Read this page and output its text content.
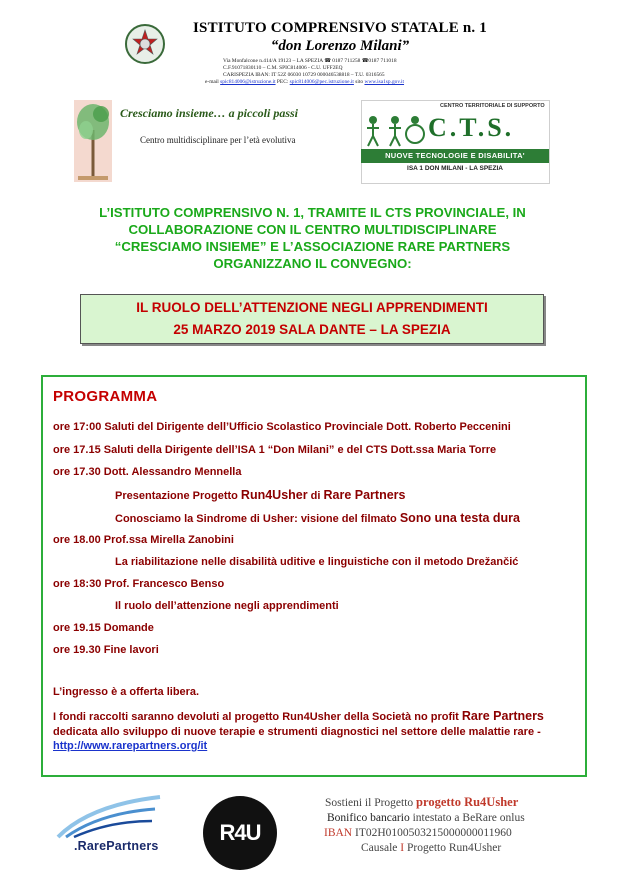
ISTITUTO COMPRENSIVO STATALE n. 1
“don Lorenzo Milani”
Via Monfalcone n.414/A 19123 – LA SPEZIA ☎ 0187 711258 ☎0187 711018
C.F.91071830110 – C.M. SPIC814006 - C.U. UFF2EQ
CARISPEZIA IBAN: IT 52Z 06030 10729 000046538818 – T.U. 0316565
e-mail spic814006@istruzione.it PEC: spic814006@pec.istruzione.it sito www.isa1sp.gov.it
Cresciamo insieme… a piccoli passi
Centro multidisciplinare per l’età evolutiva
CENTRO TERRITORIALE DI SUPPORTO
C.T.S.
NUOVE TECNOLOGIE E DISABILITA'
ISA 1 DON MILANI - LA SPEZIA
L’ISTITUTO COMPRENSIVO N. 1, TRAMITE IL CTS PROVINCIALE, IN
COLLABORAZIONE CON IL CENTRO MULTIDISCIPLINARE
“CRESCIAMO INSIEME” E L’ASSOCIAZIONE RARE PARTNERS
ORGANIZZANO IL CONVEGNO:
IL RUOLO DELL’ATTENZIONE NEGLI APPRENDIMENTI
25 MARZO 2019 SALA DANTE – LA SPEZIA
PROGRAMMA
ore 17:00 Saluti del Dirigente dell’Ufficio Scolastico Provinciale Dott. Roberto Peccenini
ore 17.15 Saluti della Dirigente dell’ISA 1 “Don Milani” e del CTS Dott.ssa Maria Torre
ore 17.30 Dott. Alessandro Mennella
Presentazione Progetto Run4Usher di Rare Partners
Conosciamo la Sindrome di Usher: visione del filmato Sono una testa dura
ore 18.00 Prof.ssa Mirella Zanobini
La riabilitazione nelle disabilità uditive e linguistiche con il metodo Drežančić
ore 18:30 Prof. Francesco Benso
Il ruolo dell’attenzione negli apprendimenti
ore 19.15 Domande
ore 19.30 Fine lavori
L’ingresso è a offerta libera.
I fondi raccolti saranno devoluti al progetto Run4Usher della Società no profit Rare Partners dedicata allo sviluppo di nuove terapie e strumenti diagnostici nel settore delle malattie rare - http://www.rarepartners.org/it
.RarePartners
R4U
Sostieni il Progetto progetto Ru4Usher
Bonifico bancario intestato a BeRare onlus
IBAN IT02H0100503215000000011960
Causale I Progetto Run4Usher
